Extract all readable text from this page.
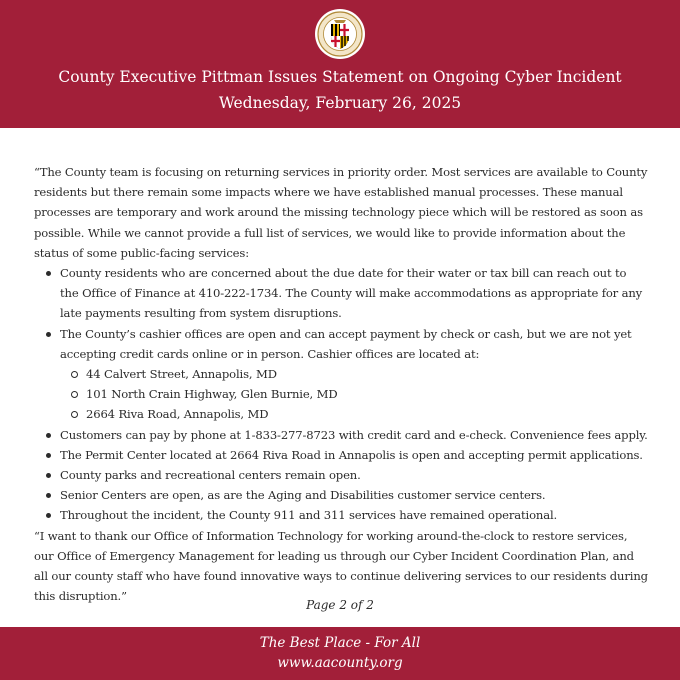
County Executive Pittman Issues Statement on Ongoing Cyber Incident
Wednesday, February 26, 2025

“The County team is focusing on returning services in priority order. Most services are available to County residents but there remain some impacts where we have established manual processes. These manual processes are temporary and work around the missing technology piece which will be restored as soon as possible. While we cannot provide a full list of services, we would like to provide information about the status of some public-facing services:

County residents who are concerned about the due date for their water or tax bill can reach out to the Office of Finance at 410-222-1734. The County will make accommodations as appropriate for any late payments resulting from system disruptions.
The County’s cashier offices are open and can accept payment by check or cash, but we are not yet accepting credit cards online or in person. Cashier offices are located at:
44 Calvert Street, Annapolis, MD
101 North Crain Highway, Glen Burnie, MD
2664 Riva Road, Annapolis, MD
Customers can pay by phone at 1-833-277-8723 with credit card and e-check. Convenience fees apply.
The Permit Center located at 2664 Riva Road in Annapolis is open and accepting permit applications.
County parks and recreational centers remain open.
Senior Centers are open, as are the Aging and Disabilities customer service centers.
Throughout the incident, the County 911 and 311 services have remained operational.

“I want to thank our Office of Information Technology for working around-the-clock to restore services, our Office of Emergency Management for leading us through our Cyber Incident Coordination Plan, and all our county staff who have found innovative ways to continue delivering services to our residents during this disruption.”

Page 2 of 2
The Best Place - For All
www.aacounty.org
